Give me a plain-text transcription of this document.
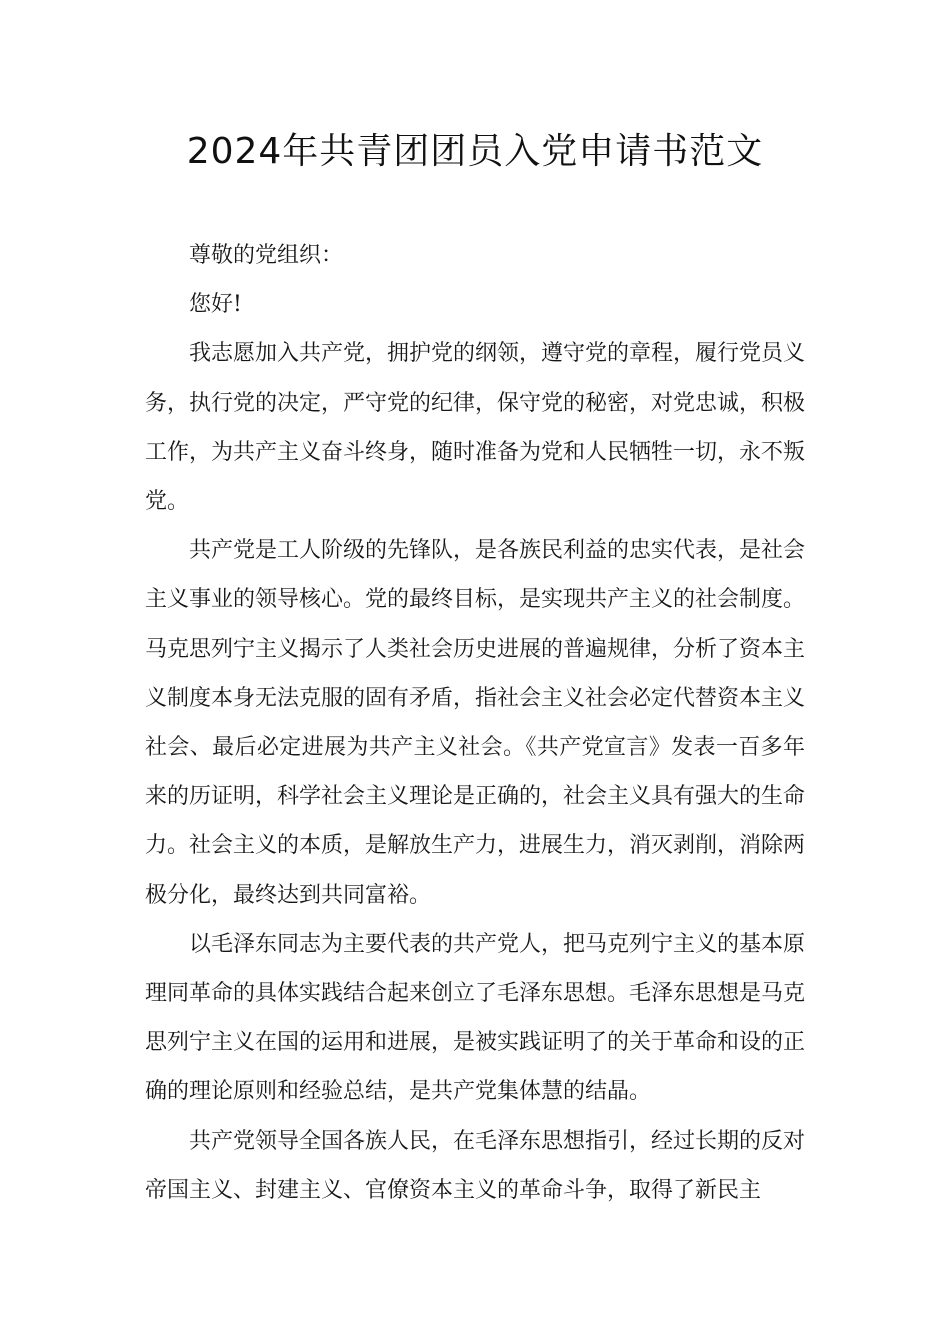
2024年共青团团员入党申请书范文

尊敬的党组织：

您好!

我志愿加入共产党，拥护党的纲领，遵守党的章程，履行党员义务，执行党的决定，严守党的纪律，保守党的秘密，对党忠诚，积极工作，为共产主义奋斗终身，随时准备为党和人民牺牲一切，永不叛党。

共产党是工人阶级的先锋队，是各族民利益的忠实代表，是社会主义事业的领导核心。党的最终目标，是实现共产主义的社会制度。马克思列宁主义揭示了人类社会历史进展的普遍规律，分析了资本主义制度本身无法克服的固有矛盾，指社会主义社会必定代替资本主义社会、最后必定进展为共产主义社会。《共产党宣言》发表一百多年来的历证明，科学社会主义理论是正确的，社会主义具有强大的生命力。社会主义的本质，是解放生产力，进展生力，消灭剥削，消除两极分化，最终达到共同富裕。

以毛泽东同志为主要代表的共产党人，把马克列宁主义的基本原理同革命的具体实践结合起来创立了毛泽东思想。毛泽东思想是马克思列宁主义在国的运用和进展，是被实践证明了的关于革命和设的正确的理论原则和经验总结，是共产党集体慧的结晶。

共产党领导全国各族人民，在毛泽东思想指引，经过长期的反对帝国主义、封建主义、官僚资本主义的革命斗争，取得了新民主
